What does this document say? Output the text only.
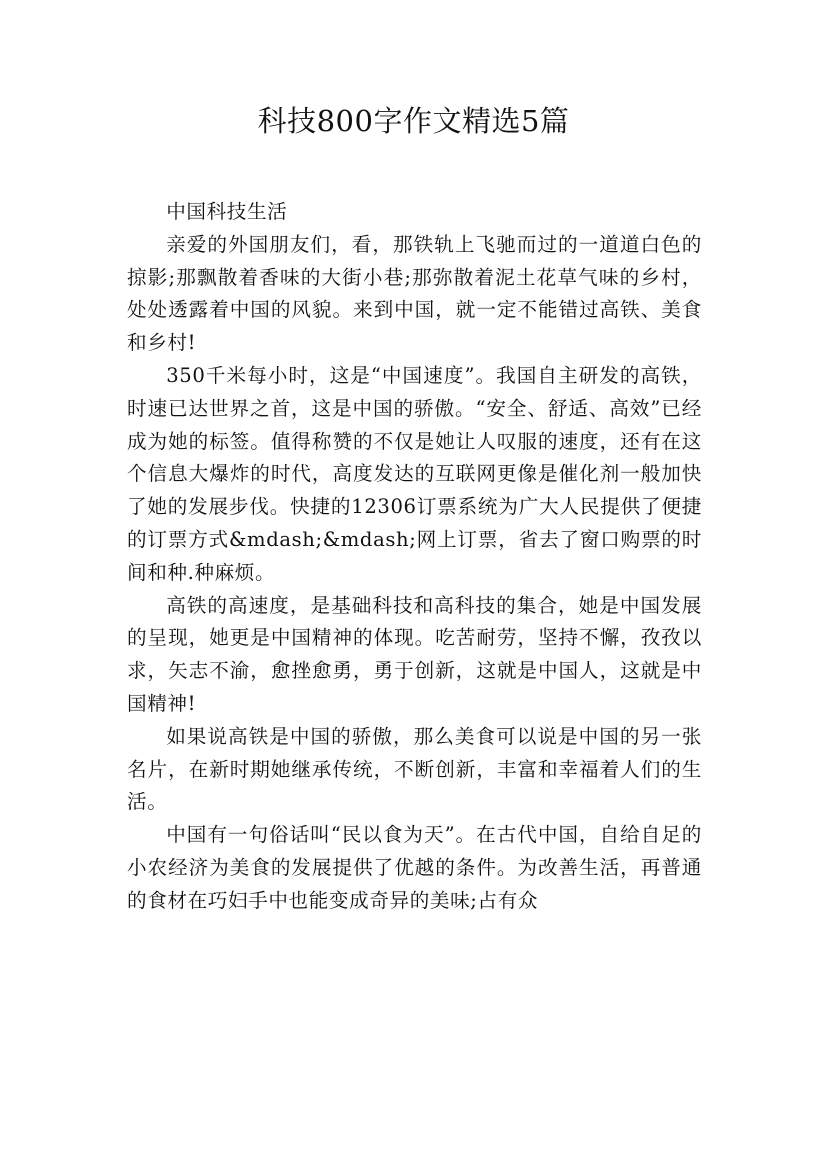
科技800字作文精选5篇

中国科技生活

亲爱的外国朋友们，看，那铁轨上飞驰而过的一道道白色的掠影;那飘散着香味的大街小巷;那弥散着泥土花草气味的乡村，处处透露着中国的风貌。来到中国，就一定不能错过高铁、美食和乡村!

350千米每小时，这是“中国速度”。我国自主研发的高铁，时速已达世界之首，这是中国的骄傲。“安全、舒适、高效”已经成为她的标签。值得称赞的不仅是她让人叹服的速度，还有在这个信息大爆炸的时代，高度发达的互联网更像是催化剂一般加快了她的发展步伐。快捷的12306订票系统为广大人民提供了便捷的订票方式&mdash;&mdash;网上订票，省去了窗口购票的时间和种.种麻烦。

高铁的高速度，是基础科技和高科技的集合，她是中国发展的呈现，她更是中国精神的体现。吃苦耐劳，坚持不懈，孜孜以求，矢志不渝，愈挫愈勇，勇于创新，这就是中国人，这就是中国精神!

如果说高铁是中国的骄傲，那么美食可以说是中国的另一张名片，在新时期她继承传统，不断创新，丰富和幸福着人们的生活。

中国有一句俗话叫“民以食为天”。在古代中国，自给自足的小农经济为美食的发展提供了优越的条件。为改善生活，再普通的食材在巧妇手中也能变成奇异的美味;占有众
